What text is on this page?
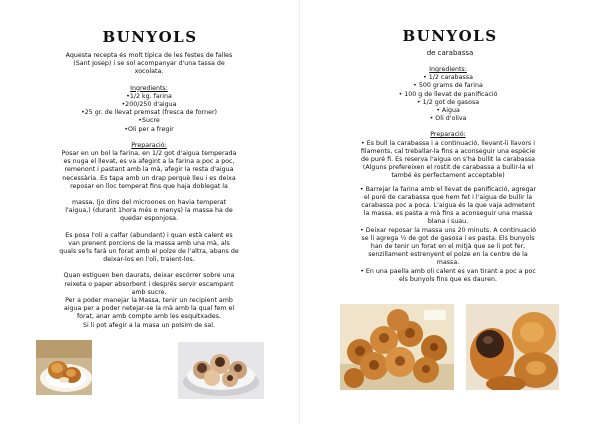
BUNYOLS

Aquesta recepta és molt típica de les festes de falles

(Sant Josep) i se sol acompanyar d'una tassa de

xocolata.

Ingredients:

•1/2 kg. farina

•200/250 d'aigua

•25 gr. de llevat premsat (fresca de forner)

•Sucre

•Oli per a fregir

Preparació:

Posar en un bol la farina, en 1/2 got d'aigua temperada

es nuga el llevat, es va afegint a la farina a poc a poc,

remenont i pastant amb la mà, afegir la resta d'aigua

necessària. Es tapa amb un drap perquè lleu i es deixa

reposar en lloc temperat fins que haja doblegat la

massa, (jo dins del microones on havia temperat

l'aigua,) (durant 1hora més o menys) la massa ha de

quedar esponjosa.

Es posa l'oli a calfar (abundant) i quan està calent es

van prenent porcions de la massa amb una mà, als

quals se'ls farà un forat amb el polze de l'altra, abans de

deixar-los en l'oli, traient-los.

Quan estiguen ben daurats, deixar escórrer sobre una

reixeta o paper absorbent i després servir escampant

amb sucre.

Per a poder manejar la Massa, tenir un recipient amb

aigua per a poder netejar-se la mà amb la qual fem el

forat, anar amb compte amb les esquitxades.

Si li pot afegir a la masa un polsim de sal.

BUNYOLS

de carabassa

Ingredients:

• 1/2 carabassa

• 500 grams de farina

• 100 g de llevat de panificació

• 1/2 got de gasosa

• Aigua

• Oli d'oliva

Preparació:

• Es bull la carabassa i a continuació, llevant-li llavors i

filaments, cal treballar-la fins a aconseguir una espècie

de puré fi. Es reserva l'aigua on s'ha bullit la carabassa

(Alguns prefereixen el rostit de carabassa a bullir-la el

també és perfectament acceptable)

• Barrejar la farina amb el llevat de panificació, agregar

el puré de carabassa que hem fet i l'aigua de bullir la

carabassa poc a poca. L'aigua és la que vaja admetent

la massa. es pasta a mà fins a aconseguir una massa

blana i suau.

• Deixar reposar la massa uns 20 minuts. A continuació

se li agrega ½ de got de gasosa i es pasta. Els bunyols

han de tenir un forat en el mitjà que se li pot fer,

senzillament estrenyent el polze en la centre de la

massa.

• En una paella amb oli calent es van tirant a poc a poc

els bunyols fins que es dauren.
